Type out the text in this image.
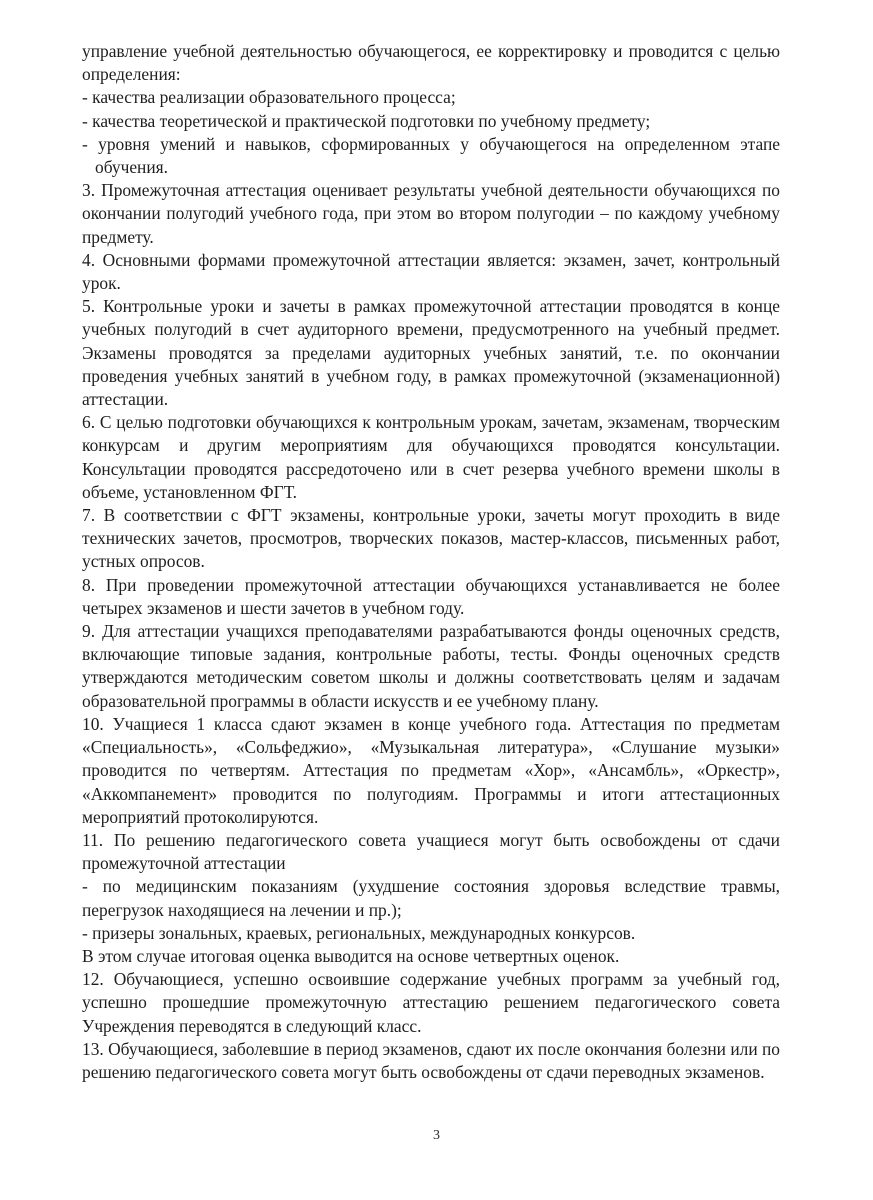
управление учебной деятельностью обучающегося, ее корректировку и проводится с целью определения:

- качества реализации образовательного процесса;

- качества теоретической и практической подготовки по учебному предмету;

- уровня умений и навыков, сформированных у обучающегося на определенном этапе обучения.

3. Промежуточная аттестация оценивает результаты учебной деятельности обучающихся по окончании полугодий учебного года, при этом во втором полугодии – по каждому учебному предмету.

4. Основными формами промежуточной аттестации является: экзамен, зачет, контрольный урок.

5. Контрольные уроки и зачеты в рамках промежуточной аттестации проводятся в конце учебных полугодий в счет аудиторного времени, предусмотренного на учебный предмет. Экзамены проводятся за пределами аудиторных учебных занятий, т.е. по окончании проведения учебных занятий в учебном году, в рамках промежуточной (экзаменационной) аттестации.

6. С целью подготовки обучающихся к контрольным урокам, зачетам, экзаменам, творческим конкурсам и другим мероприятиям для обучающихся проводятся консультации. Консультации проводятся рассредоточено или в счет резерва учебного времени школы в объеме, установленном ФГТ.

7. В соответствии с ФГТ экзамены, контрольные уроки, зачеты могут проходить в виде технических зачетов, просмотров, творческих показов, мастер-классов, письменных работ, устных опросов.

8. При проведении промежуточной аттестации обучающихся устанавливается не более четырех экзаменов и шести зачетов в учебном году.

9. Для аттестации учащихся преподавателями разрабатываются фонды оценочных средств, включающие типовые задания, контрольные работы, тесты. Фонды оценочных средств утверждаются методическим советом школы и должны соответствовать целям и задачам образовательной программы в области искусств и ее учебному плану.

10. Учащиеся 1 класса сдают экзамен в конце учебного года. Аттестация по предметам «Специальность», «Сольфеджио», «Музыкальная литература», «Слушание музыки» проводится по четвертям. Аттестация по предметам «Хор», «Ансамбль», «Оркестр», «Аккомпанемент» проводится по полугодиям. Программы и итоги аттестационных мероприятий протоколируются.

11. По решению педагогического совета учащиеся могут быть освобождены от сдачи промежуточной аттестации

- по медицинским показаниям (ухудшение состояния здоровья вследствие травмы, перегрузок находящиеся на лечении и пр.);

- призеры зональных, краевых, региональных, международных конкурсов.

В этом случае итоговая оценка выводится на основе четвертных оценок.

12. Обучающиеся, успешно освоившие содержание учебных программ за учебный год, успешно прошедшие промежуточную аттестацию решением педагогического совета Учреждения переводятся в следующий класс.

13. Обучающиеся, заболевшие в период экзаменов, сдают их после окончания болезни или по решению педагогического совета могут быть освобождены от сдачи переводных экзаменов.

3
